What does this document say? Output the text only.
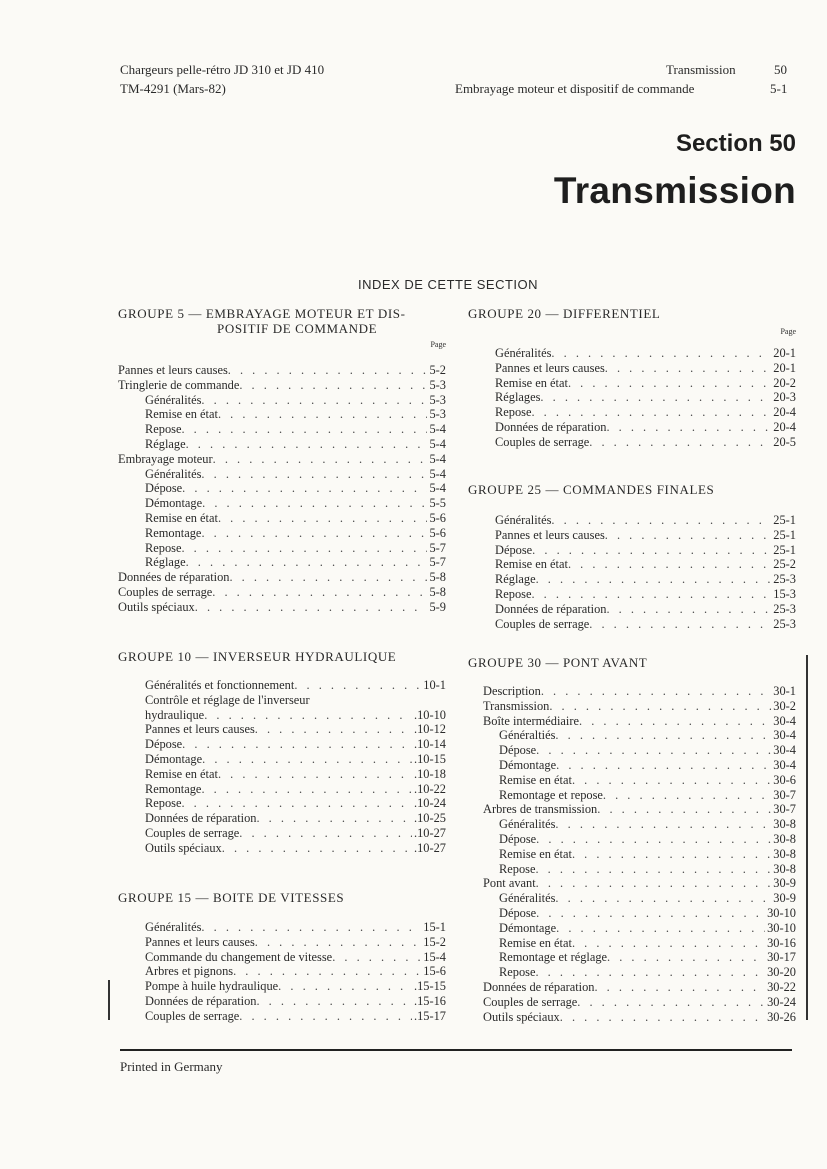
Chargeurs pelle-rétro JD 310 et JD 410
TM-4291 (Mars-82)
Transmission	50
Embrayage moteur et dispositif de commande	5-1
Section 50
Transmission
INDEX DE CETTE SECTION
GROUPE 5 — EMBRAYAGE MOTEUR ET DIS-
POSITIF DE COMMANDE
Page
Pannes et leurs causes . . .	5-2
Tringlerie de commande . . .	5-3
Généralités . . .	5-3
Remise en état . . .	5-3
Repose . . .	5-4
Réglage . . .	5-4
Embrayage moteur . . .	5-4
Généralités . . .	5-4
Dépose . . .	5-4
Démontage . . .	5-5
Remise en état . . .	5-6
Remontage . . .	5-6
Repose . . .	5-7
Réglage . . .	5-7
Données de réparation . . .	5-8
Couples de serrage . . .	5-8
Outils spéciaux . . .	5-9
GROUPE 10 — INVERSEUR HYDRAULIQUE
Généralités et fonctionnement . . .	10-1
Contrôle et réglage de l'inverseur
hydraulique . . .	.10-10
Pannes et leurs causes . . .	.10-12
Dépose . . .	.10-14
Démontage . . .	.10-15
Remise en état . . .	.10-18
Remontage . . .	.10-22
Repose . . .	.10-24
Données de réparation . . .	.10-25
Couples de serrage . . .	.10-27
Outils spéciaux . . .	.10-27
GROUPE 15 — BOITE DE VITESSES
Généralités . . .	15-1
Pannes et leurs causes . . .	15-2
Commande du changement de vitesse . . .	15-4
Arbres et pignons . . .	15-6
Pompe à huile hydraulique . . .	.15-15
Données de réparation . . .	.15-16
Couples de serrage . . .	.15-17
GROUPE 20 — DIFFERENTIEL
Page
Généralités . . .	20-1
Pannes et leurs causes . . .	20-1
Remise en état . . .	20-2
Réglages . . .	20-3
Repose . . .	20-4
Données de réparation . . .	20-4
Couples de serrage . . .	20-5
GROUPE 25 — COMMANDES FINALES
Généralités . . .	25-1
Pannes et leurs causes . . .	25-1
Dépose . . .	25-1
Remise en état . . .	25-2
Réglage . . .	25-3
Repose . . .	15-3
Données de réparation . . .	25-3
Couples de serrage . . .	25-3
GROUPE 30 — PONT AVANT
Description . . .	30-1
Transmission . . .	30-2
Boîte intermédiaire . . .	30-4
Généraltiés . . .	30-4
Dépose . . .	30-4
Démontage . . .	30-4
Remise en état . . .	30-6
Remontage et repose . . .	30-7
Arbres de transmission . . .	30-7
Généralités . . .	30-8
Dépose . . .	30-8
Remise en état . . .	30-8
Repose . . .	30-8
Pont avant . . .	30-9
Généralités . . .	30-9
Dépose . . .	30-10
Démontage . . .	30-10
Remise en état . . .	30-16
Remontage et réglage . . .	30-17
Repose . . .	30-20
Données de réparation . . .	30-22
Couples de serrage . . .	30-24
Outils spéciaux . . .	30-26
Printed in Germany
